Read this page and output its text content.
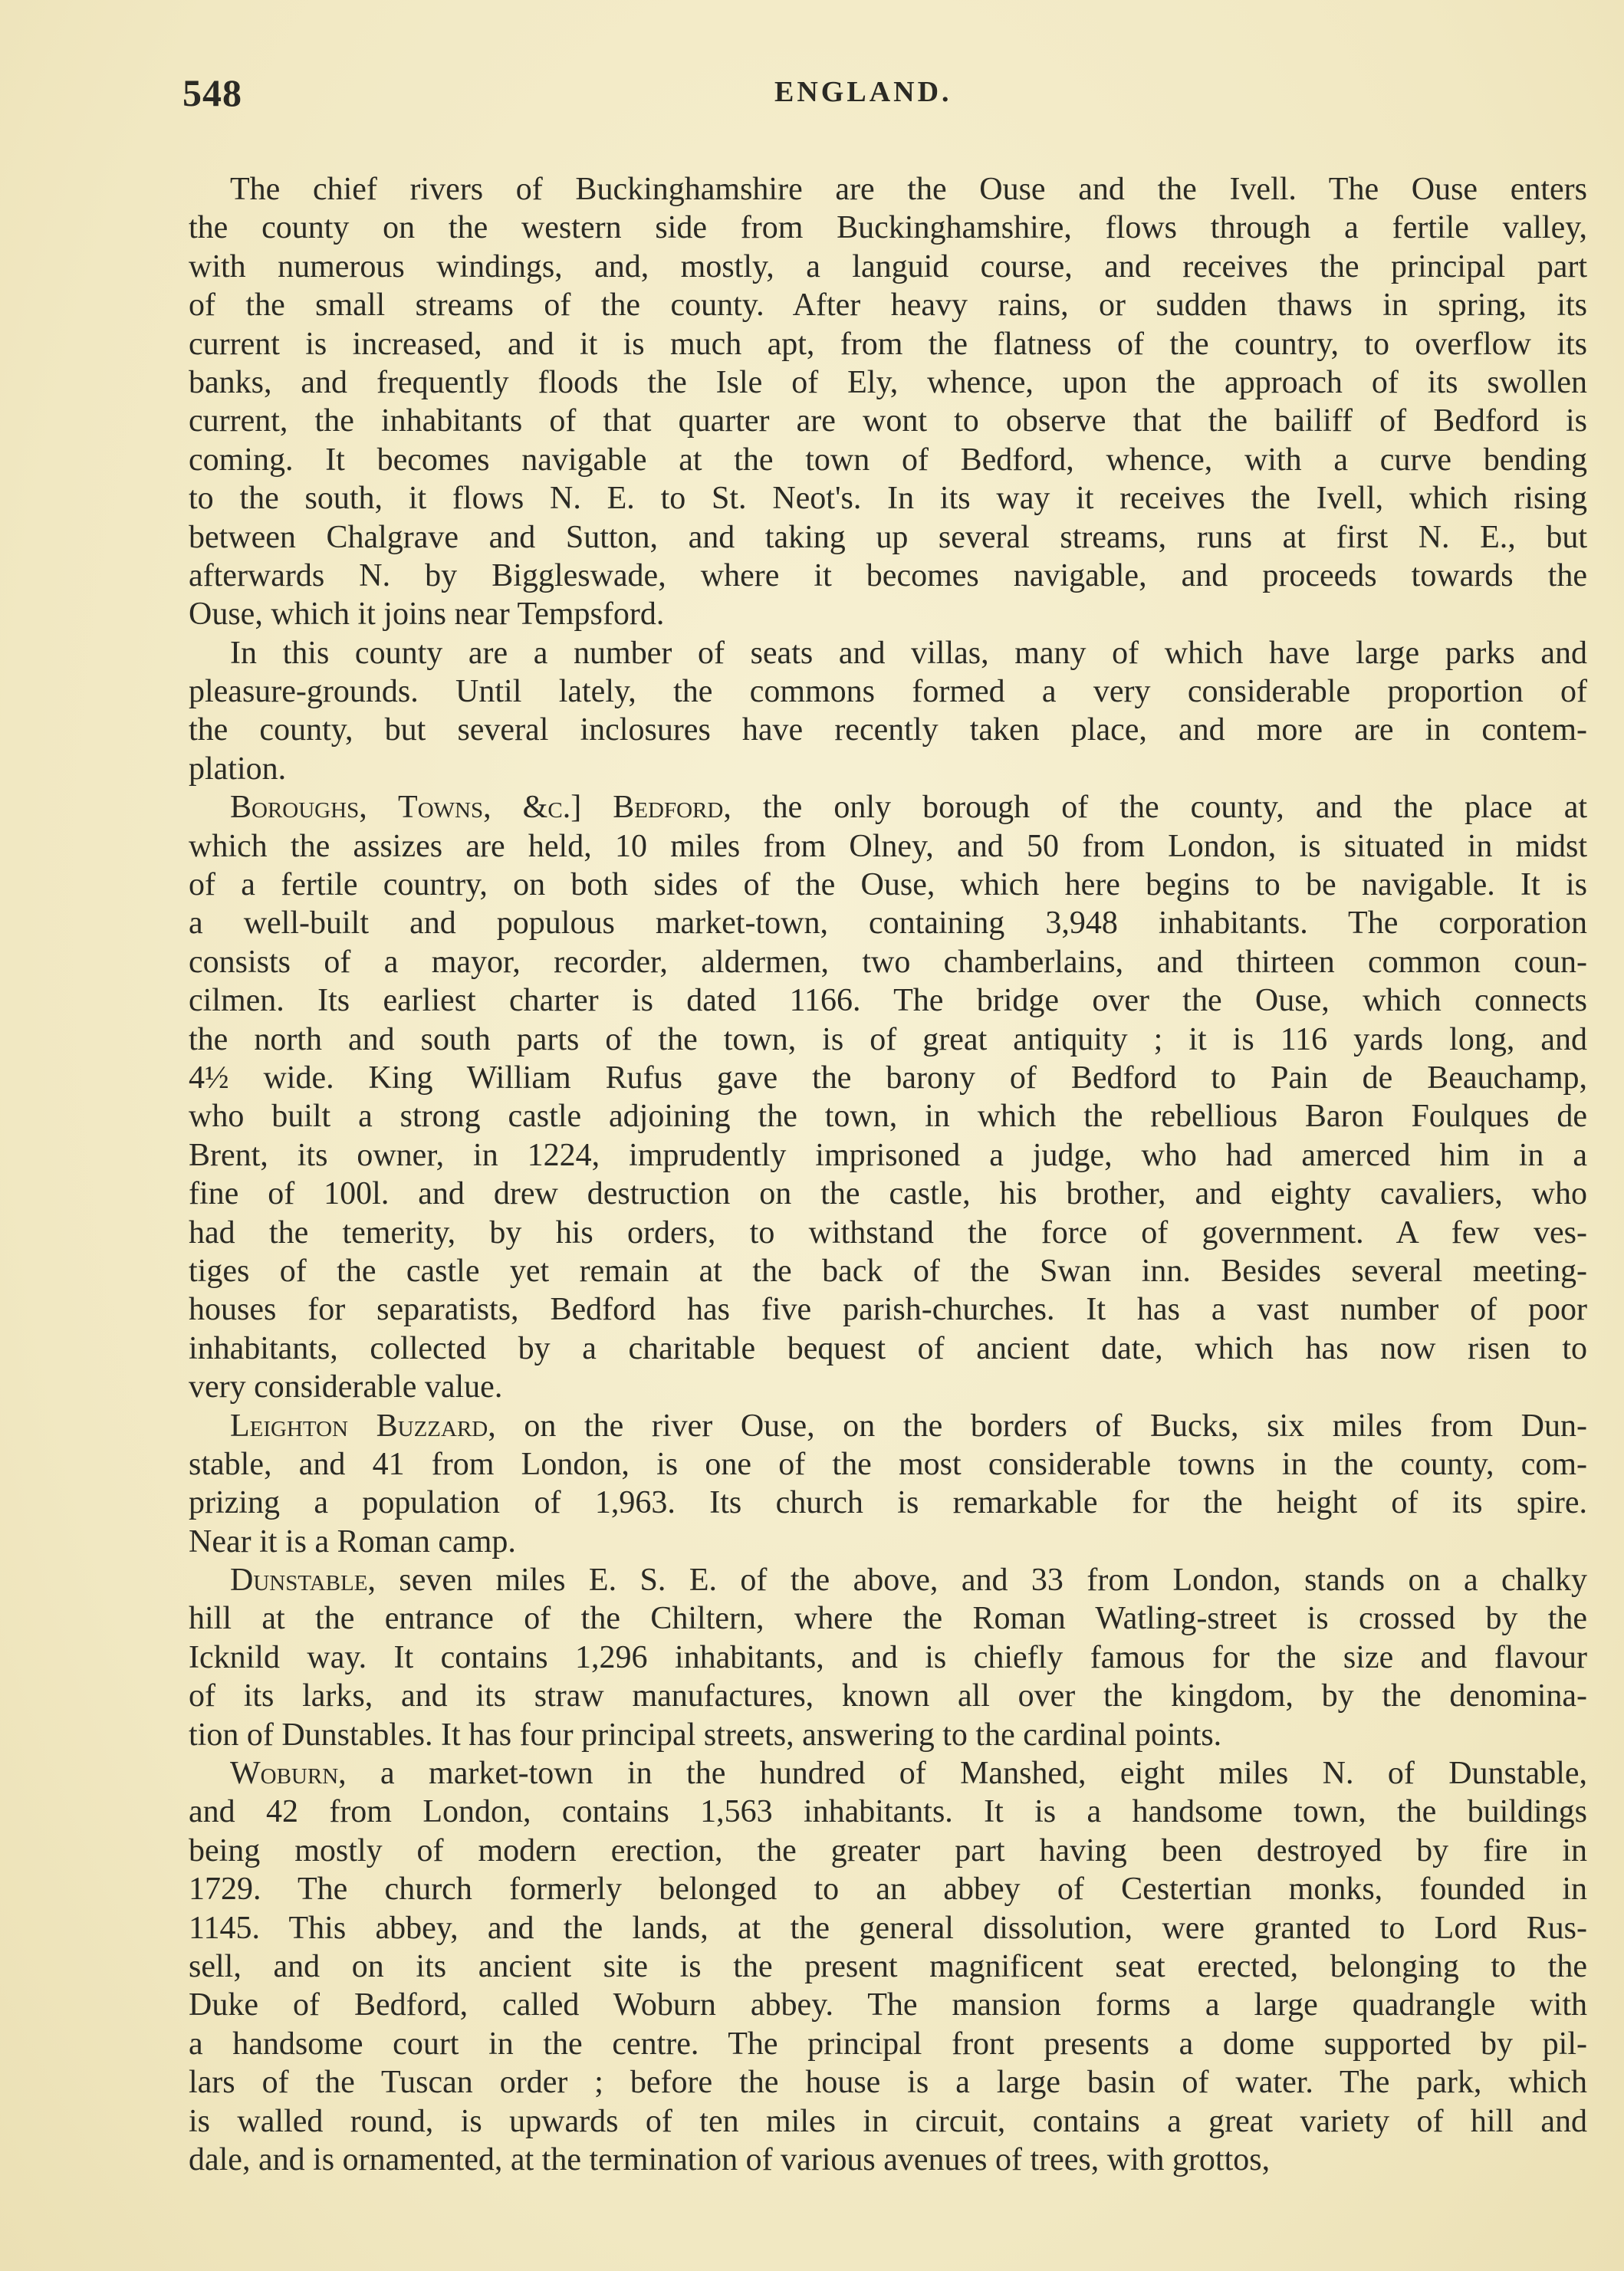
548	ENGLAND.
The chief rivers of Buckinghamshire are the Ouse and the Ivell. The Ouse enters
the county on the western side from Buckinghamshire, flows through a fertile valley,
with numerous windings, and, mostly, a languid course, and receives the principal part
of the small streams of the county. After heavy rains, or sudden thaws in spring, its
current is increased, and it is much apt, from the flatness of the country, to overflow its
banks, and frequently floods the Isle of Ely, whence, upon the approach of its swollen
current, the inhabitants of that quarter are wont to observe that the bailiff of Bedford is
coming. It becomes navigable at the town of Bedford, whence, with a curve bending
to the south, it flows N. E. to St. Neot's. In its way it receives the Ivell, which rising
between Chalgrave and Sutton, and taking up several streams, runs at first N. E., but
afterwards N. by Biggleswade, where it becomes navigable, and proceeds towards the
Ouse, which it joins near Tempsford.
In this county are a number of seats and villas, many of which have large parks and
pleasure-grounds. Until lately, the commons formed a very considerable proportion of
the county, but several inclosures have recently taken place, and more are in contem-
plation.
Boroughs, Towns, &c.] Bedford, the only borough of the county, and the place at
which the assizes are held, 10 miles from Olney, and 50 from London, is situated in midst
of a fertile country, on both sides of the Ouse, which here begins to be navigable. It is
a well-built and populous market-town, containing 3,948 inhabitants. The corporation
consists of a mayor, recorder, aldermen, two chamberlains, and thirteen common coun-
cilmen. Its earliest charter is dated 1166. The bridge over the Ouse, which connects
the north and south parts of the town, is of great antiquity ; it is 116 yards long, and
4½ wide. King William Rufus gave the barony of Bedford to Pain de Beauchamp,
who built a strong castle adjoining the town, in which the rebellious Baron Foulques de
Brent, its owner, in 1224, imprudently imprisoned a judge, who had amerced him in a
fine of 100l. and drew destruction on the castle, his brother, and eighty cavaliers, who
had the temerity, by his orders, to withstand the force of government. A few ves-
tiges of the castle yet remain at the back of the Swan inn. Besides several meeting-
houses for separatists, Bedford has five parish-churches. It has a vast number of poor
inhabitants, collected by a charitable bequest of ancient date, which has now risen to
very considerable value.
Leighton Buzzard, on the river Ouse, on the borders of Bucks, six miles from Dun-
stable, and 41 from London, is one of the most considerable towns in the county, com-
prizing a population of 1,963. Its church is remarkable for the height of its spire.
Near it is a Roman camp.
Dunstable, seven miles E. S. E. of the above, and 33 from London, stands on a chalky
hill at the entrance of the Chiltern, where the Roman Watling-street is crossed by the
Icknild way. It contains 1,296 inhabitants, and is chiefly famous for the size and flavour
of its larks, and its straw manufactures, known all over the kingdom, by the denomina-
tion of Dunstables. It has four principal streets, answering to the cardinal points.
Woburn, a market-town in the hundred of Manshed, eight miles N. of Dunstable,
and 42 from London, contains 1,563 inhabitants. It is a handsome town, the buildings
being mostly of modern erection, the greater part having been destroyed by fire in
1729. The church formerly belonged to an abbey of Cestertian monks, founded in
1145. This abbey, and the lands, at the general dissolution, were granted to Lord Rus-
sell, and on its ancient site is the present magnificent seat erected, belonging to the
Duke of Bedford, called Woburn abbey. The mansion forms a large quadrangle with
a handsome court in the centre. The principal front presents a dome supported by pil-
lars of the Tuscan order ; before the house is a large basin of water. The park, which
is walled round, is upwards of ten miles in circuit, contains a great variety of hill and
dale, and is ornamented, at the termination of various avenues of trees, with grottos,
